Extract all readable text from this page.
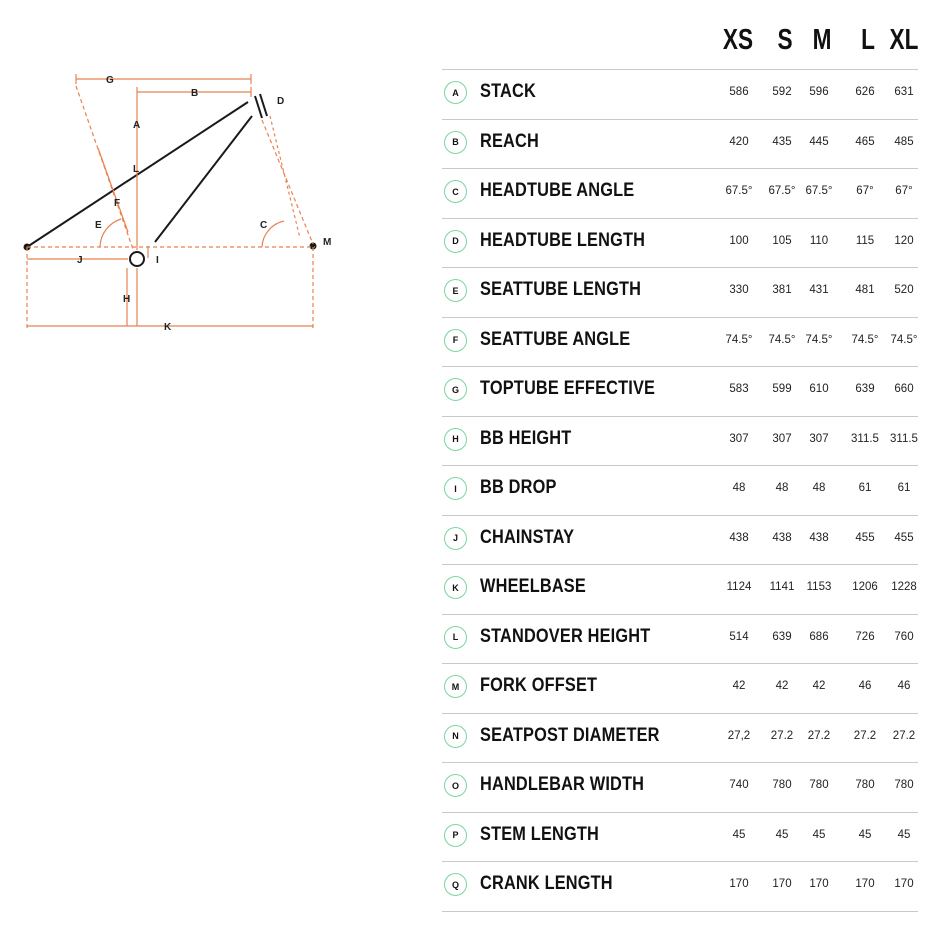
G
B
D
A
L
F
E	C
M
J	I
H
K
XS S M	L XL
A	STACK	586	592	596	626	631
B	REACH	420	435	445	465	485
C	HEADTUBE ANGLE	67.5°	67.5° 67.5°	67°	67°
D	HEADTUBE LENGTH	100	105	110	115	120
E	SEATTUBE LENGTH	330	381	431	481	520
F	SEATTUBE ANGLE	74.5°	74.5° 74.5°	74.5°	74.5°
G	TOPTUBE EFFECTIVE	583	599	610	639	660
H	BB HEIGHT	307	307	307	311.5 311.5
I	BB DROP	48	48	48	61	61
J	CHAINSTAY	438	438	438	455	455
K	WHEELBASE	1124	1141	1153	1206	1228
L	STANDOVER HEIGHT	514	639	686	726	760
M	FORK OFFSET	42	42	42	46	46
N	SEATPOST DIAMETER	27,2	27.2	27.2	27.2	27.2
O	HANDLEBAR WIDTH	740	780	780	780	780
P	STEM LENGTH	45	45	45	45	45
Q	CRANK LENGTH	170	170	170	170	170
